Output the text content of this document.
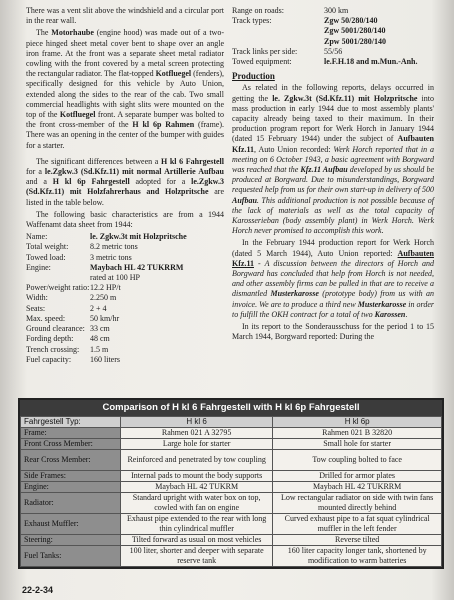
There was a vent slit above the windshield and a circular port in the rear wall.

The Motorhaube (engine hood) was made out of a two-piece hinged sheet metal cover bent to shape over an angle iron frame. At the front was a separate sheet metal radiator cowling with the front covered by a metal screen protecting the rectangular radiator. The flat-topped Kotfluegel (fenders), specifically designed for this vehicle by Auto Union, extended along the sides to the rear of the cab. Two small commercial headlights with sight slits were mounted on the top of the Kotfluegel front. A separate bumper was bolted to the front cross-member of the H kl 6p Rahmen (frame). There was an opening in the center of the bumper with guides for a starter.

The significant differences between a H kl 6 Fahrgestell for a le.Zgkw.3 (Sd.Kfz.11) mit normal Artillerie Aufbau and a H kl 6p Fahrgestell adopted for a le.Zgkw.3 (Sd.Kfz.11) mit Holzfahrerhaus and Holzpritsche are listed in the table below.

The following basic characteristics are from a 1944 Waffenamt data sheet from 1944:

Name:	le. Zgkw.3t mit Holzpritsche
Total weight:	8.2 metric tons
Towed load:	3 metric tons
Engine:	Maybach HL 42 TUKRRM
rated at 100 HP
Power/weight ratio: 12.2 HP/t
Width:	2.250 m
Seats:	2 + 4
Max. speed:	50 km/hr
Ground clearance: 33 cm
Fording depth:	48 cm
Trench crossing:	1.5 m
Fuel capacity:	160 liters
Range on roads:	300 km
Track types:	Zgw 50/280/140
Zgw 5001/280/140
Zpw 5001/280/140
Track links per side:	55/56
Towed equipment:	le.F.H.18 and m.Mun.-Anh.
Production

As related in the following reports, delays occurred in getting the le. Zgkw.3t (Sd.Kfz.11) mit Holzpritsche into mass production in early 1944 due to most assembly plants' capacity already being taxed to their maximum. In their production program report for Werk Horch in January 1944 (dated 15 February 1944) under the subject of Aufbauten Kfz.11, Auto Union recorded: Werk Horch reported that in a meeting on 6 October 1943, a basic agreement with Borgward was reached that the Kfz.11 Aufbau developed by us should be produced at Borgward. Due to misunderstandings, Borgward requested help from us for their own start-up in delivery of 500 Aufbau. This additional production is not possible because of the lack of materials as well as the total capacity of Karosserieban (body assembly plant) in Werk Horch. Werk Horch never promised to accomplish this work.

In the February 1944 production report for Werk Horch (dated 5 March 1944), Auto Union reported: Aufbauten Kfz.11 - A discussion between the directors of Horch and Borgward has concluded that help from Horch is not needed, and other assembly firms can be pulled in that are to receive a dismantled Musterkarosse (prototype body) from us with an invoice. We are to produce a third new Musterkarosse in order to fulfill the OKH contract for a total of two Karossen.

In its report to the Sonderausschuss for the period 1 to 15 March 1944, Borgward reported: During the

Comparison of H kl 6 Fahrgestell with H kl 6p Fahrgestell
Fahrgestell Typ:	H kl 6	H kl 6p
Frame:	Rahmen 021 A 32795	Rahmen 021 B 32820
Front Cross Member:	Large hole for starter	Small hole for starter
Rear Cross Member:	Reinforced and penetrated by tow coupling	Tow coupling bolted to face
Side Frames:	Internal pads to mount the body supports	Drilled for armor plates
Engine:	Maybach HL 42 TUKRM	Maybach HL 42 TUKRRM
Radiator:	Standard upright with water box on top, cowled with fan on engine	Low rectangular radiator on side with twin fans mounted directly behind
Exhaust Muffler:	Exhaust pipe extended to the rear with long thin cylindrical muffler	Curved exhaust pipe to a fat squat cylindrical muffler in the left fender
Steering:	Tilted forward as usual on most vehicles	Reverse tilted
Fuel Tanks:	100 liter, shorter and deeper with separate reserve tank	160 liter capacity longer tank, shortened by modification to warm batteries
22-2-34
